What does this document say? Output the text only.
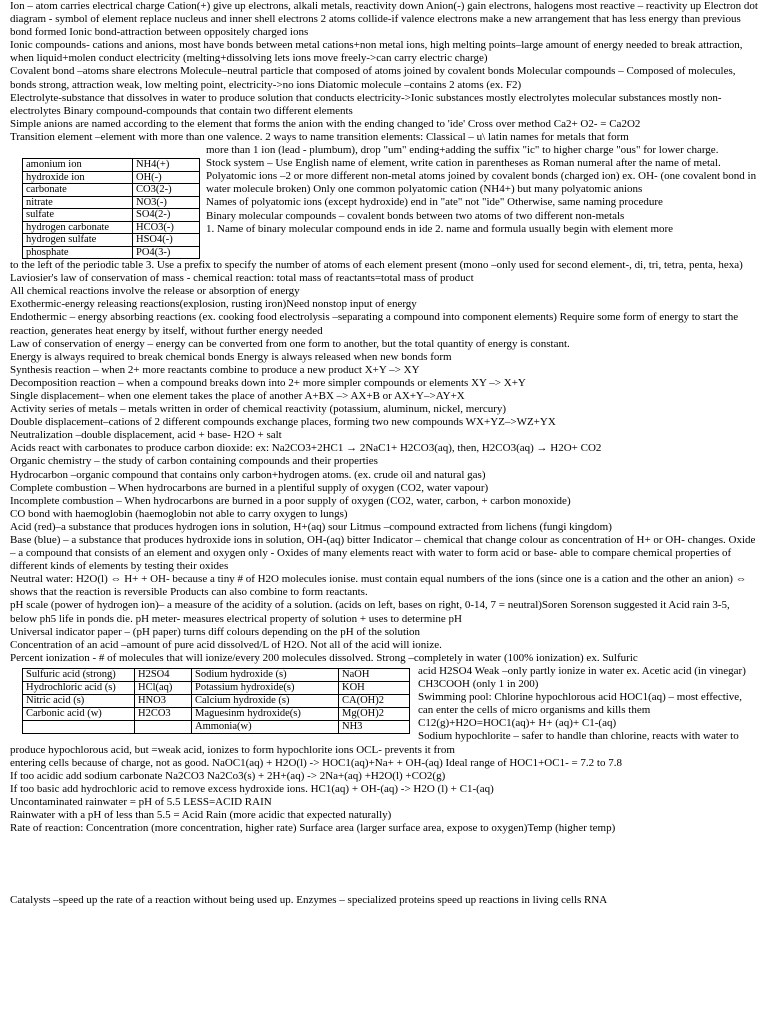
Ion – atom carries electrical charge Cation(+) give up electrons, alkali metals, reactivity down Anion(-) gain electrons, halogens most reactive – reactivity up Electron dot diagram - symbol of element replace nucleus and inner shell electrons 2 atoms collide-if valence electrons make a new arrangement that has less energy than previous bond formed Ionic bond-attraction between oppositely charged ions

Ionic compounds- cations and anions, most have bonds between metal cations+non metal ions, high melting points–large amount of energy needed to break attraction, when liquid+molen conduct electricity (melting+dissolving lets ions move freely->can carry electric charge)

Covalent bond –atoms share electrons Molecule–neutral particle that composed of atoms joined by covalent bonds Molecular compounds – Composed of molecules, bonds strong, attraction weak, low melting point, electricity->no ions Diatomic molecule –contains 2 atoms (ex. F2)

Electrolyte-substance that dissolves in water to produce solution that conducts electricity->Ionic substances mostly electrolytes molecular substances mostly non-electrolytes Binary compound-compounds that contain two different elements

Simple anions are named according to the element that forms the anion with the ending changed to 'ide' Cross over method Ca2+ O2- = Ca2O2

Transition element –element with more than one valence. 2 ways to name transition elements: Classical – u\ latin names for metals that form

amonium ion	NH4(+)
hydroxide ion	OH(-)
carbonate	CO3(2-)
nitrate	NO3(-)
sulfate	SO4(2-)
hydrogen carbonate	HCO3(-)
hydrogen sulfate	HSO4(-)
phosphate	PO4(3-)

more than 1 ion (lead - plumbum), drop "um" ending+adding the suffix "ic" to higher charge "ous" for lower charge.

Stock system – Use English name of element, write cation in parentheses as Roman numeral after the name of metal.

Polyatomic ions –2 or more different non-metal atoms joined by covalent bonds (charged ion) ex. OH- (one covalent bond in water molecule broken) Only one common polyatomic cation (NH4+) but many polyatomic anions

Names of polyatomic ions (except hydroxide) end in "ate" not "ide" Otherwise, same naming procedure

Binary molecular compounds – covalent bonds between two atoms of two different non-metals

1. Name of binary molecular compound ends in ide 2. name and formula usually begin with element more

to the left of the periodic table 3. Use a prefix to specify the number of atoms of each element present (mono –only used for second element-, di, tri, tetra, penta, hexa)

Laviosier's law of conservation of mass - chemical reaction: total mass of reactants=total mass of product

All chemical reactions involve the release or absorption of energy

Exothermic-energy releasing reactions(explosion, rusting iron)Need nonstop input of energy

Endothermic – energy absorbing reactions (ex. cooking food electrolysis –separating a compound into component elements) Require some form of energy to start the reaction, generates heat energy by itself, without further energy needed

Law of conservation of energy – energy can be converted from one form to another, but the total quantity of energy is constant.

Energy is always required to break chemical bonds Energy is always released when new bonds form

Synthesis reaction – when 2+ more reactants combine to produce a new product X+Y –> XY

Decomposition reaction – when a compound breaks down into 2+ more simpler compounds or elements XY –> X+Y

Single displacement– when one element takes the place of another A+BX –> AX+B or AX+Y–>AY+X

Activity series of metals – metals written in order of chemical reactivity (potassium, aluminum, nickel, mercury)

Double displacement–cations of 2 different compounds exchange places, forming two new compounds WX+YZ–>WZ+YX

Neutralization –double displacement, acid + base- H2O + salt

Acids react with carbonates to produce carbon dioxide: ex: Na2CO3+2HC1 → 2NaC1+ H2CO3(aq), then, H2CO3(aq) → H2O+ CO2

Organic chemistry – the study of carbon containing compounds and their properties

Hydrocarbon –organic compound that contains only carbon+hydrogen atoms. (ex. crude oil and natural gas)

Complete combustion – When hydrocarbons are burned in a plentiful supply of oxygen (CO2, water vapour)

Incomplete combustion – When hydrocarbons are burned in a poor supply of oxygen (CO2, water, carbon, + carbon monoxide)

CO bond with haemoglobin (haemoglobin not able to carry oxygen to lungs)

Acid (red)–a substance that produces hydrogen ions in solution, H+(aq) sour Litmus –compound extracted from lichens (fungi kingdom)

Base (blue) – a substance that produces hydroxide ions in solution, OH-(aq) bitter Indicator – chemical that change colour as concentration of H+ or OH- changes. Oxide – a compound that consists of an element and oxygen only - Oxides of many elements react with water to form acid or base- able to compare chemical properties of different kinds of elements by testing their oxides

Neutral water: H2O(l) ⇔ H+ + OH- because a tiny # of H2O molecules ionise. must contain equal numbers of the ions (since one is a cation and the other an anion) ⇔ shows that the reaction is reversible Products can also combine to form reactants.

pH scale (power of hydrogen ion)– a measure of the acidity of a solution. (acids on left, bases on right, 0-14, 7 = neutral)Soren Sorenson suggested it Acid rain 3-5, below ph5 life in ponds die. pH meter- measures electrical property of solution + uses to determine pH

Universal indicator paper – (pH paper) turns diff colours depending on the pH of the solution

Concentration of an acid –amount of pure acid dissolved/L of H2O. Not all of the acid will ionize.

Percent ionization - # of molecules that will ionize/every 200 molecules dissolved. Strong –completely in water (100% ionization) ex. Sulfuric

Sulfuric acid (strong)	H2SO4	Sodium hydroxide (s)	NaOH
Hydrochloric acid (s)	HCl(aq)	Potassium hydroxide(s)	KOH
Nitric acid (s)	HNO3	Calcium hydroxide (s)	CA(OH)2
Carbonic acid (w)	H2CO3	Maguesinm hydroxide(s)	Mg(OH)2
		Ammonia(w)	NH3

acid H2SO4 Weak –only partly ionize in water ex. Acetic acid (in vinegar) CH3COOH (only 1 in 200)

Swimming pool: Chlorine hypochlorous acid HOC1(aq) – most effective, can enter the cells of micro organisms and kills them C12(g)+H2O=HOC1(aq)+ H+ (aq)+ C1-(aq)

Sodium hypochlorite – safer to handle than chlorine, reacts with water to produce hypochlorous acid, but =weak acid, ionizes to form hypochlorite ions OCL- prevents it from

entering cells because of charge, not as good. NaOC1(aq) + H2O(l) -> HOC1(aq)+Na+ + OH-(aq) Ideal range of HOC1+OC1- = 7.2 to 7.8

If too acidic add sodium carbonate Na2CO3 Na2Co3(s) + 2H+(aq) -> 2Na+(aq) +H2O(l) +CO2(g)

If too basic add hydrochloric acid to remove excess hydroxide ions. HC1(aq) + OH-(aq) -> H2O (l) + C1-(aq)

Uncontaminated rainwater = pH of 5.5 LESS=ACID RAIN

Rainwater with a pH of less than 5.5 = Acid Rain (more acidic that expected naturally)

Rate of reaction: Concentration (more concentration, higher rate) Surface area (larger surface area, expose to oxygen)Temp (higher temp)

Catalysts –speed up the rate of a reaction without being used up. Enzymes – specialized proteins speed up reactions in living cells RNA
